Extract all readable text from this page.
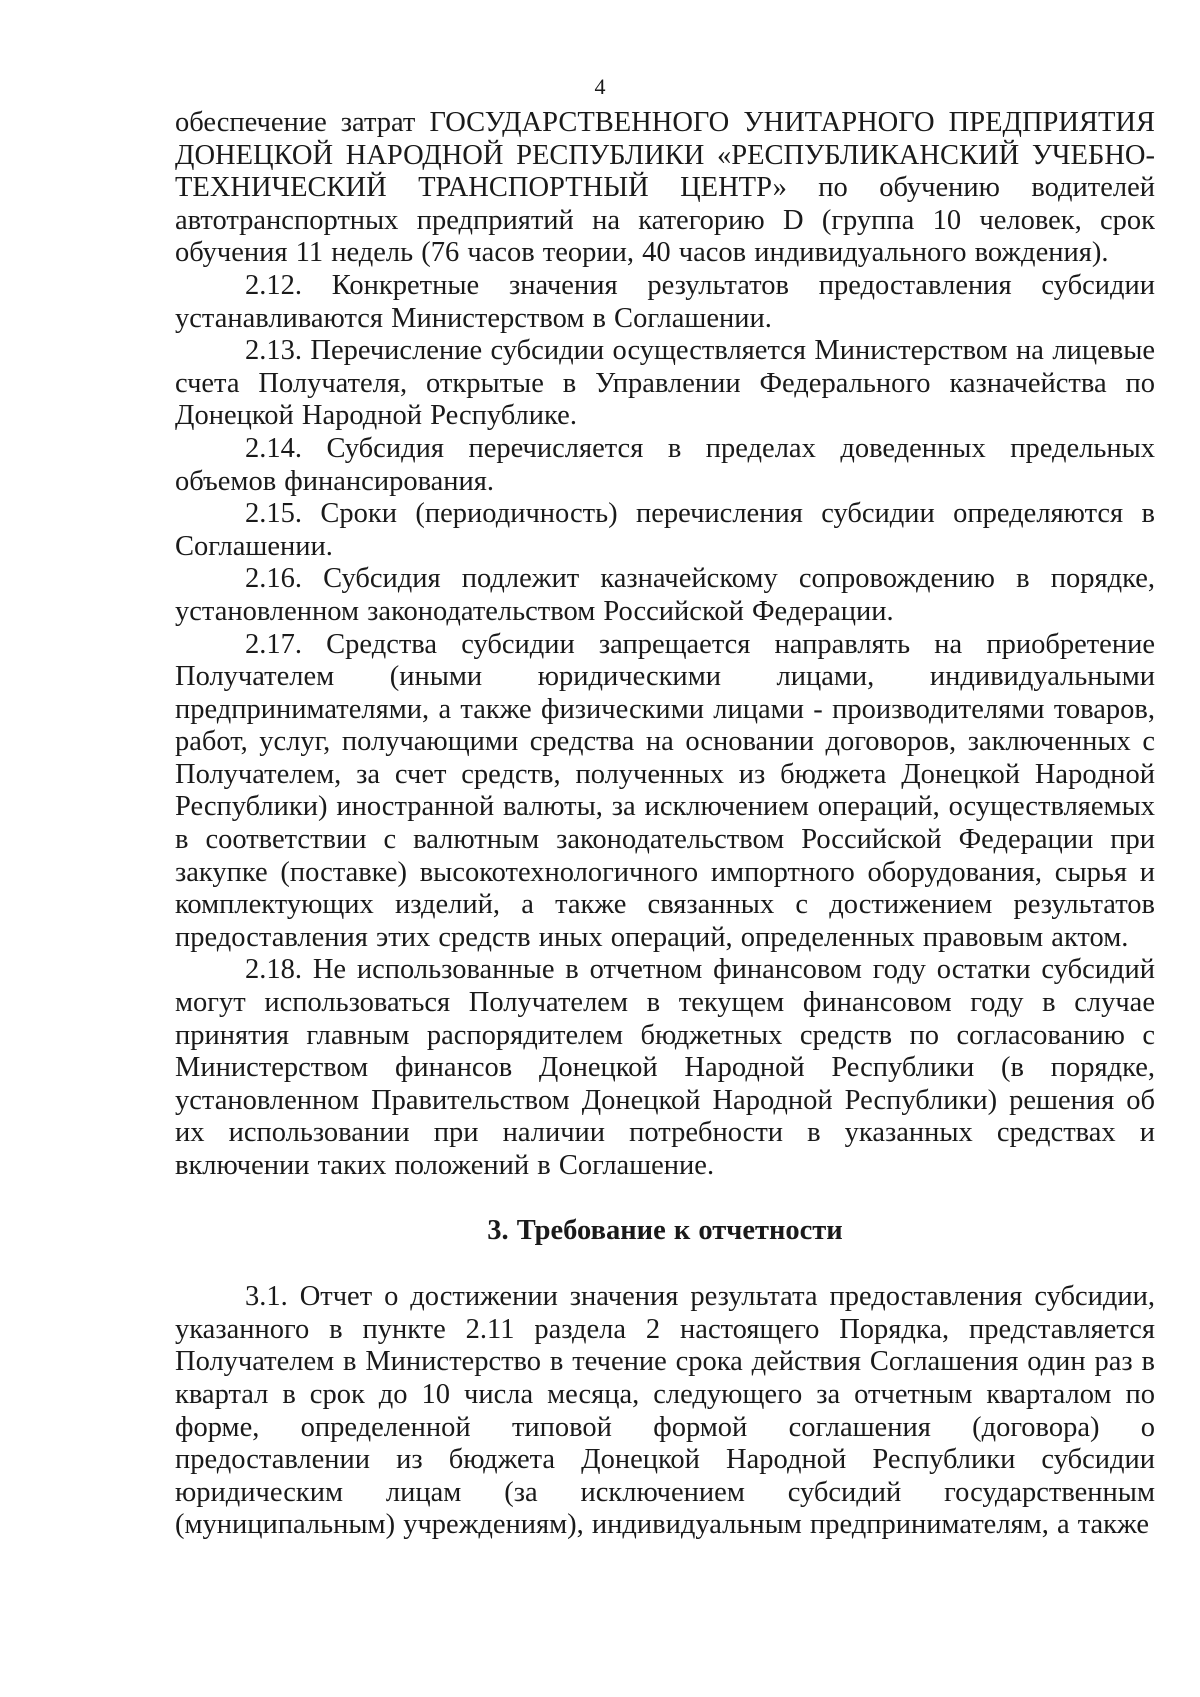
4

обеспечение затрат ГОСУДАРСТВЕННОГО УНИТАРНОГО ПРЕДПРИЯТИЯ ДОНЕЦКОЙ НАРОДНОЙ РЕСПУБЛИКИ «РЕСПУБЛИКАНСКИЙ УЧЕБНО-ТЕХНИЧЕСКИЙ ТРАНСПОРТНЫЙ ЦЕНТР» по обучению водителей автотранспортных предприятий на категорию D (группа 10 человек, срок обучения 11 недель (76 часов теории, 40 часов индивидуального вождения).

2.12. Конкретные значения результатов предоставления субсидии устанавливаются Министерством в Соглашении.

2.13. Перечисление субсидии осуществляется Министерством на лицевые счета Получателя, открытые в Управлении Федерального казначейства по Донецкой Народной Республике.

2.14. Субсидия перечисляется в пределах доведенных предельных объемов финансирования.

2.15. Сроки (периодичность) перечисления субсидии определяются в Соглашении.

2.16. Субсидия подлежит казначейскому сопровождению в порядке, установленном законодательством Российской Федерации.

2.17. Средства субсидии запрещается направлять на приобретение Получателем (иными юридическими лицами, индивидуальными предпринимателями, а также физическими лицами - производителями товаров, работ, услуг, получающими средства на основании договоров, заключенных с Получателем, за счет средств, полученных из бюджета Донецкой Народной Республики) иностранной валюты, за исключением операций, осуществляемых в соответствии с валютным законодательством Российской Федерации при закупке (поставке) высокотехнологичного импортного оборудования, сырья и комплектующих изделий, а также связанных с достижением результатов предоставления этих средств иных операций, определенных правовым актом.

2.18. Не использованные в отчетном финансовом году остатки субсидий могут использоваться Получателем в текущем финансовом году в случае принятия главным распорядителем бюджетных средств по согласованию с Министерством финансов Донецкой Народной Республики (в порядке, установленном Правительством Донецкой Народной Республики) решения об их использовании при наличии потребности в указанных средствах и включении таких положений в Соглашение.

3. Требование к отчетности

3.1. Отчет о достижении значения результата предоставления субсидии, указанного в пункте 2.11 раздела 2 настоящего Порядка, представляется Получателем в Министерство в течение срока действия Соглашения один раз в квартал в срок до 10 числа месяца, следующего за отчетным кварталом по форме, определенной типовой формой соглашения (договора) о предоставлении из бюджета Донецкой Народной Республики субсидии юридическим лицам (за исключением субсидий государственным (муниципальным) учреждениям), индивидуальным предпринимателям, а также
